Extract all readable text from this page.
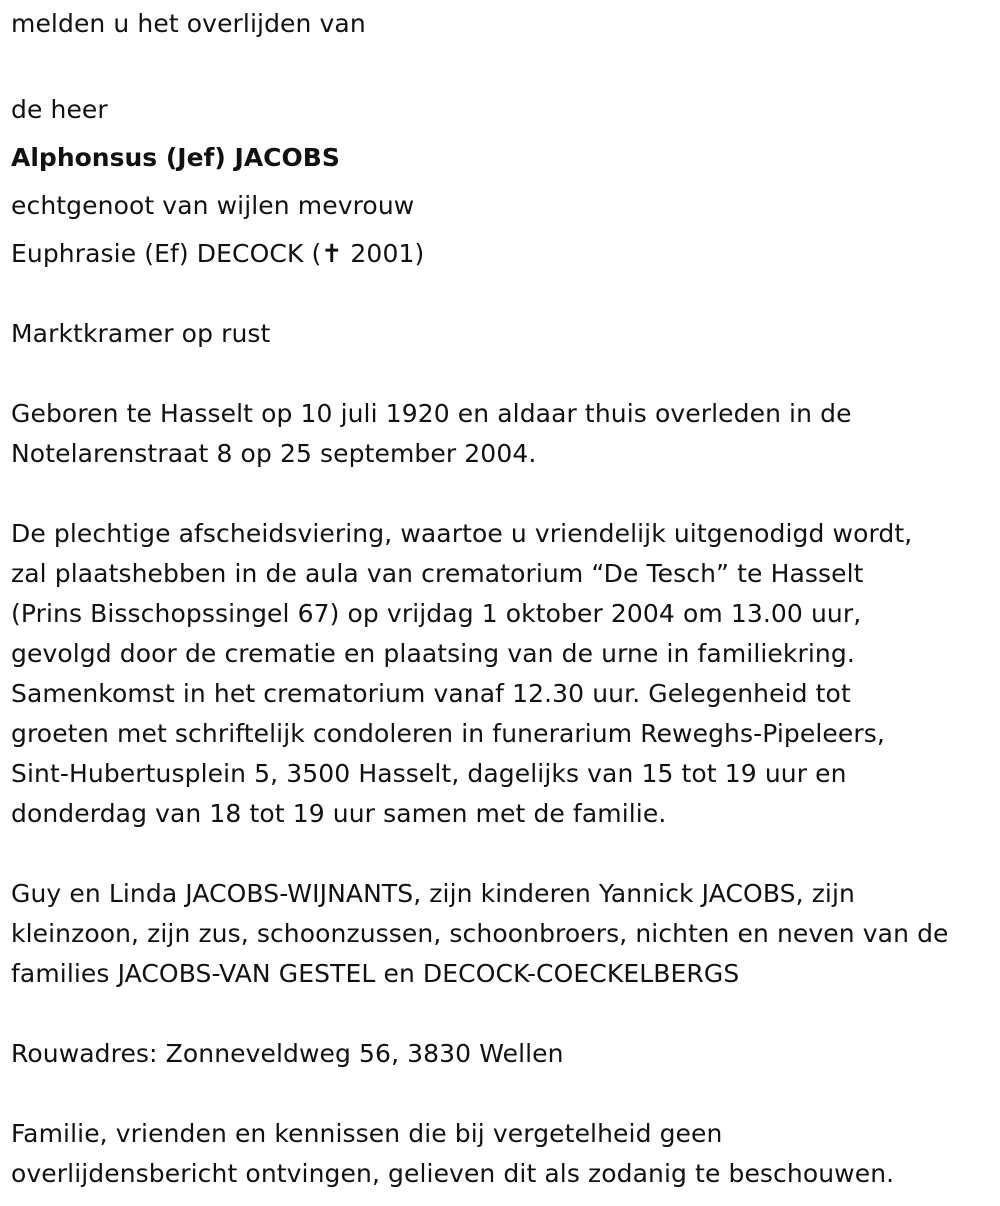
melden u het overlijden van
de heer
Alphonsus (Jef) JACOBS
echtgenoot van wijlen mevrouw
Euphrasie (Ef) DECOCK (✝ 2001)
Marktkramer op rust
Geboren te Hasselt op 10 juli 1920 en aldaar thuis overleden in de
Notelarenstraat 8 op 25 september 2004.
De plechtige afscheidsviering, waartoe u vriendelijk uitgenodigd wordt,
zal plaatshebben in de aula van crematorium “De Tesch” te Hasselt
(Prins Bisschopssingel 67) op vrijdag 1 oktober 2004 om 13.00 uur,
gevolgd door de crematie en plaatsing van de urne in familiekring.
Samenkomst in het crematorium vanaf 12.30 uur. Gelegenheid tot
groeten met schriftelijk condoleren in funerarium Reweghs-Pipeleers,
Sint-Hubertusplein 5, 3500 Hasselt, dagelijks van 15 tot 19 uur en
donderdag van 18 tot 19 uur samen met de familie.
Guy en Linda JACOBS-WIJNANTS, zijn kinderen Yannick JACOBS, zijn
kleinzoon, zijn zus, schoonzussen, schoonbroers, nichten en neven van de
families JACOBS-VAN GESTEL en DECOCK-COECKELBERGS
Rouwadres: Zonneveldweg 56, 3830 Wellen
Familie, vrienden en kennissen die bij vergetelheid geen
overlijdensbericht ontvingen, gelieven dit als zodanig te beschouwen.
